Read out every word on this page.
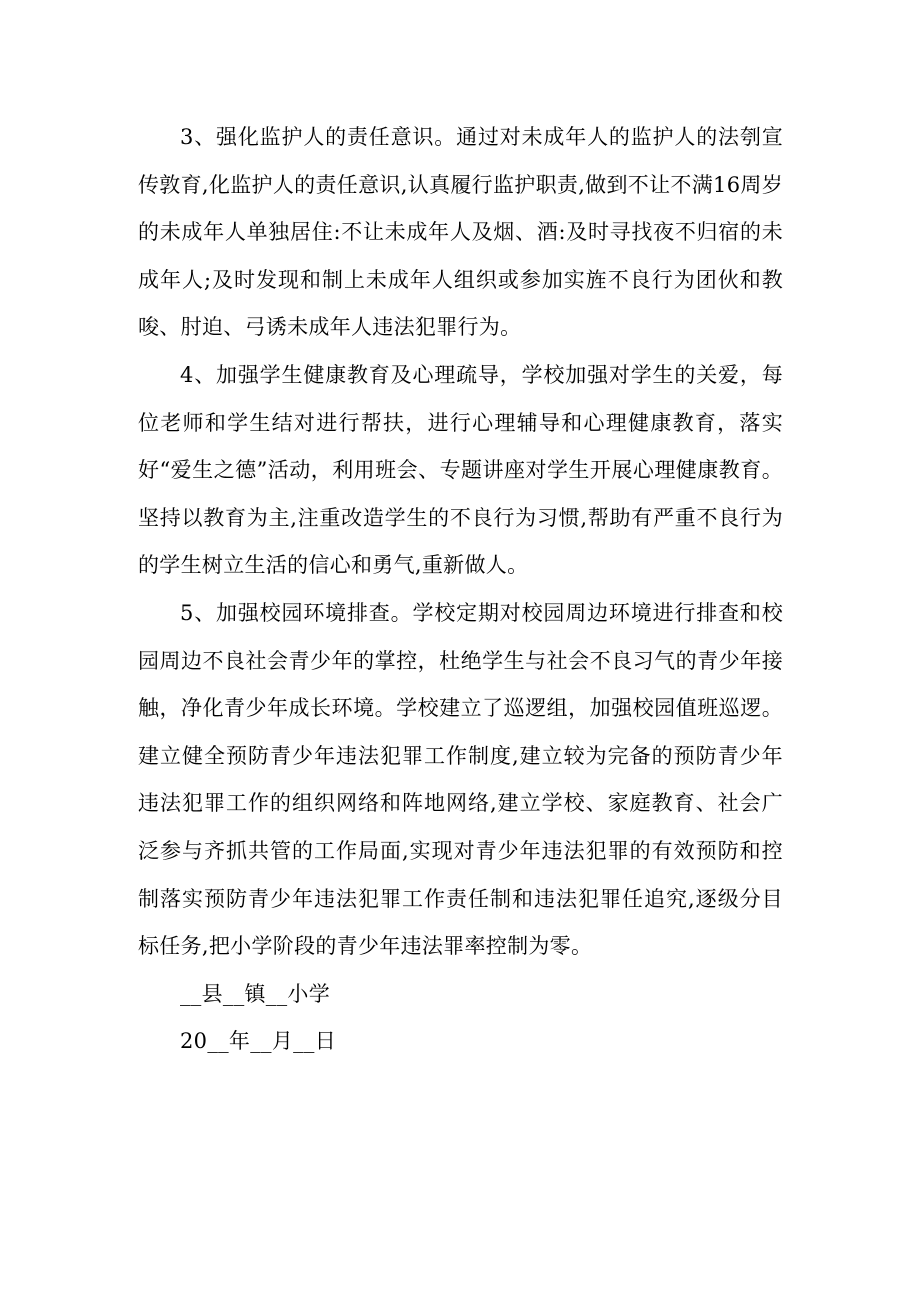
3、强化监护人的责任意识。通过对未成年人的监护人的法刳宣传敦育,化监护人的责任意识,认真履行监护职责,做到不让不满16周岁的未成年人单独居住:不让未成年人及烟、酒:及时寻找夜不归宿的未成年人;及时发现和制上未成年人组织或参加实旌不良行为团伙和教唆、肘迫、弓诱未成年人违法犯罪行为。

4、加强学生健康教育及心理疏导，学校加强对学生的关爱，每位老师和学生结对进行帮扶，进行心理辅导和心理健康教育，落实好“爱生之德”活动，利用班会、专题讲座对学生开展心理健康教育。坚持以教育为主,注重改造学生的不良行为习惯,帮助有严重不良行为的学生树立生活的信心和勇气,重新做人。

5、加强校园环境排查。学校定期对校园周边环境进行排查和校园周边不良社会青少年的掌控，杜绝学生与社会不良习气的青少年接触，净化青少年成长环境。学校建立了巡逻组，加强校园值班巡逻。建立健全预防青少年违法犯罪工作制度,建立较为完备的预防青少年违法犯罪工作的组织网络和阵地网络,建立学校、家庭教育、社会广泛参与齐抓共管的工作局面,实现对青少年违法犯罪的有效预防和控制落实预防青少年违法犯罪工作责任制和违法犯罪任追究,逐级分目标任务,把小学阶段的青少年违法罪率控制为零。

__县__镇__小学

20__年__月__日
